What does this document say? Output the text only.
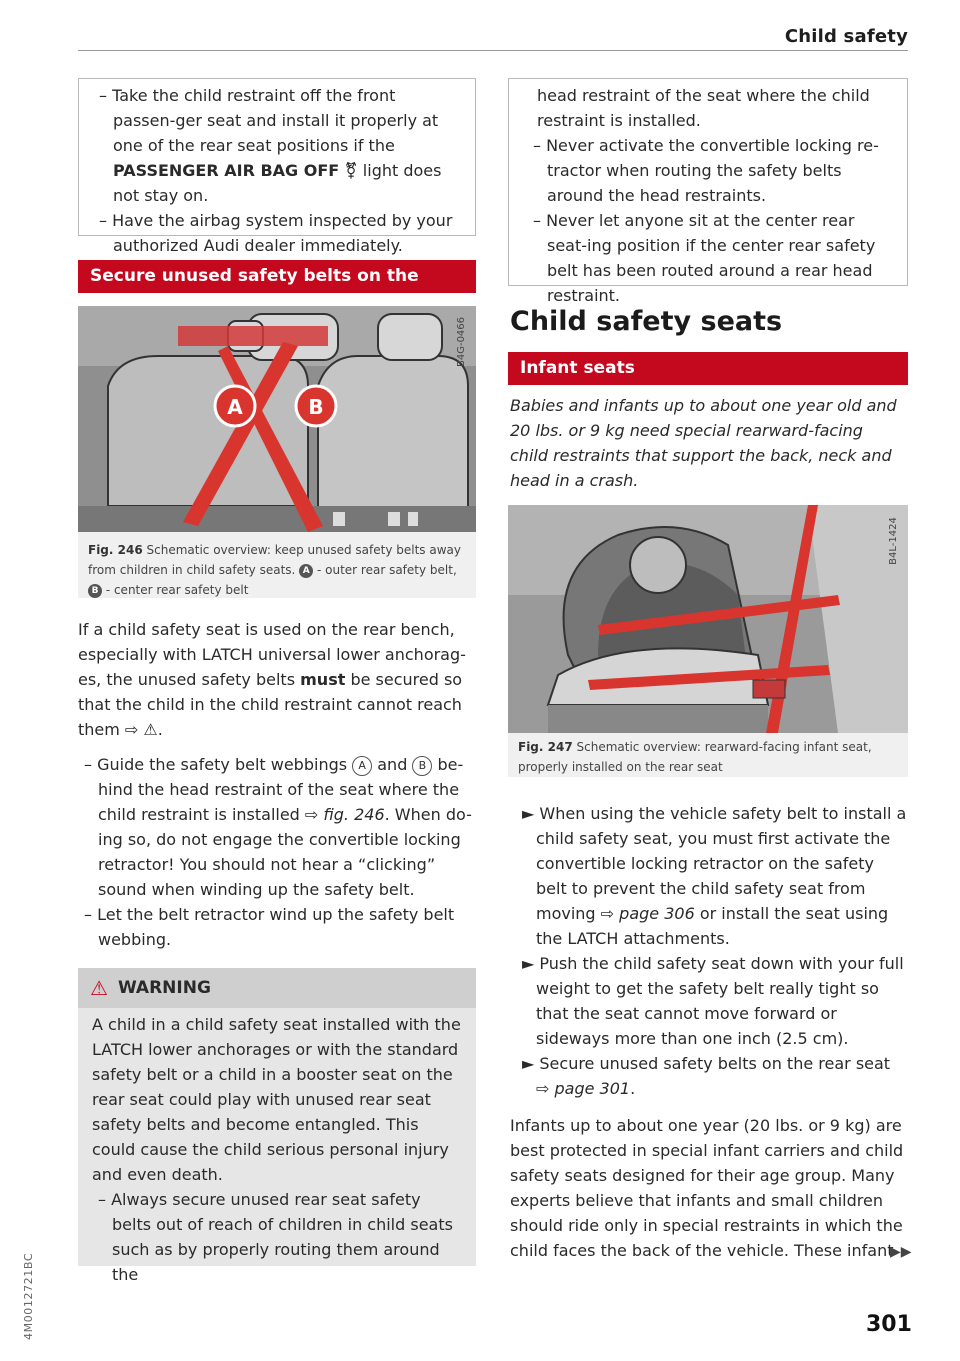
Child safety
4M0012721BC

– Take the child restraint off the front passen-ger seat and install it properly at one of the rear seat positions if the PASSENGER AIR BAG OFF ⚧ light does not stay on.

– Have the airbag system inspected by your authorized Audi dealer immediately.

Secure unused safety belts on the
A	B
B4G-0466
Fig. 246 Schematic overview: keep unused safety belts away from children in child safety seats. A - outer rear safety belt, B - center rear safety belt

If a child safety seat is used on the rear bench, especially with LATCH universal lower anchorag-es, the unused safety belts must be secured so that the child in the child restraint cannot reach them ⇨ ⚠.

– Guide the safety belt webbings A and B be-hind the head restraint of the seat where the child restraint is installed ⇨ fig. 246. When do-ing so, do not engage the convertible locking retractor! You should not hear a “clicking” sound when winding up the safety belt.

– Let the belt retractor wind up the safety belt webbing.

⚠ WARNING

A child in a child safety seat installed with the LATCH lower anchorages or with the standard safety belt or a child in a booster seat on the rear seat could play with unused rear seat safety belts and become entangled. This could cause the child serious personal injury and even death.

– Always secure unused rear seat safety belts out of reach of children in child seats such as by properly routing them around the

head restraint of the seat where the child restraint is installed.

– Never activate the convertible locking re-tractor when routing the safety belts around the head restraints.

– Never let anyone sit at the center rear seat-ing position if the center rear safety belt has been routed around a rear head restraint.

Child safety seats
Infant seats
Babies and infants up to about one year old and 20 lbs. or 9 kg need special rearward-facing child restraints that support the back, neck and head in a crash.
B4L-1424
Fig. 247 Schematic overview: rearward-facing infant seat, properly installed on the rear seat

► When using the vehicle safety belt to install a child safety seat, you must first activate the convertible locking retractor on the safety belt to prevent the child safety seat from moving ⇨ page 306 or install the seat using the LATCH attachments.

► Push the child safety seat down with your full weight to get the safety belt really tight so that the seat cannot move forward or sideways more than one inch (2.5 cm).

► Secure unused safety belts on the rear seat ⇨ page 301.

Infants up to about one year (20 lbs. or 9 kg) are best protected in special infant carriers and child safety seats designed for their age group. Many experts believe that infants and small children should ride only in special restraints in which the child faces the back of the vehicle. These infant

▶▶
301
